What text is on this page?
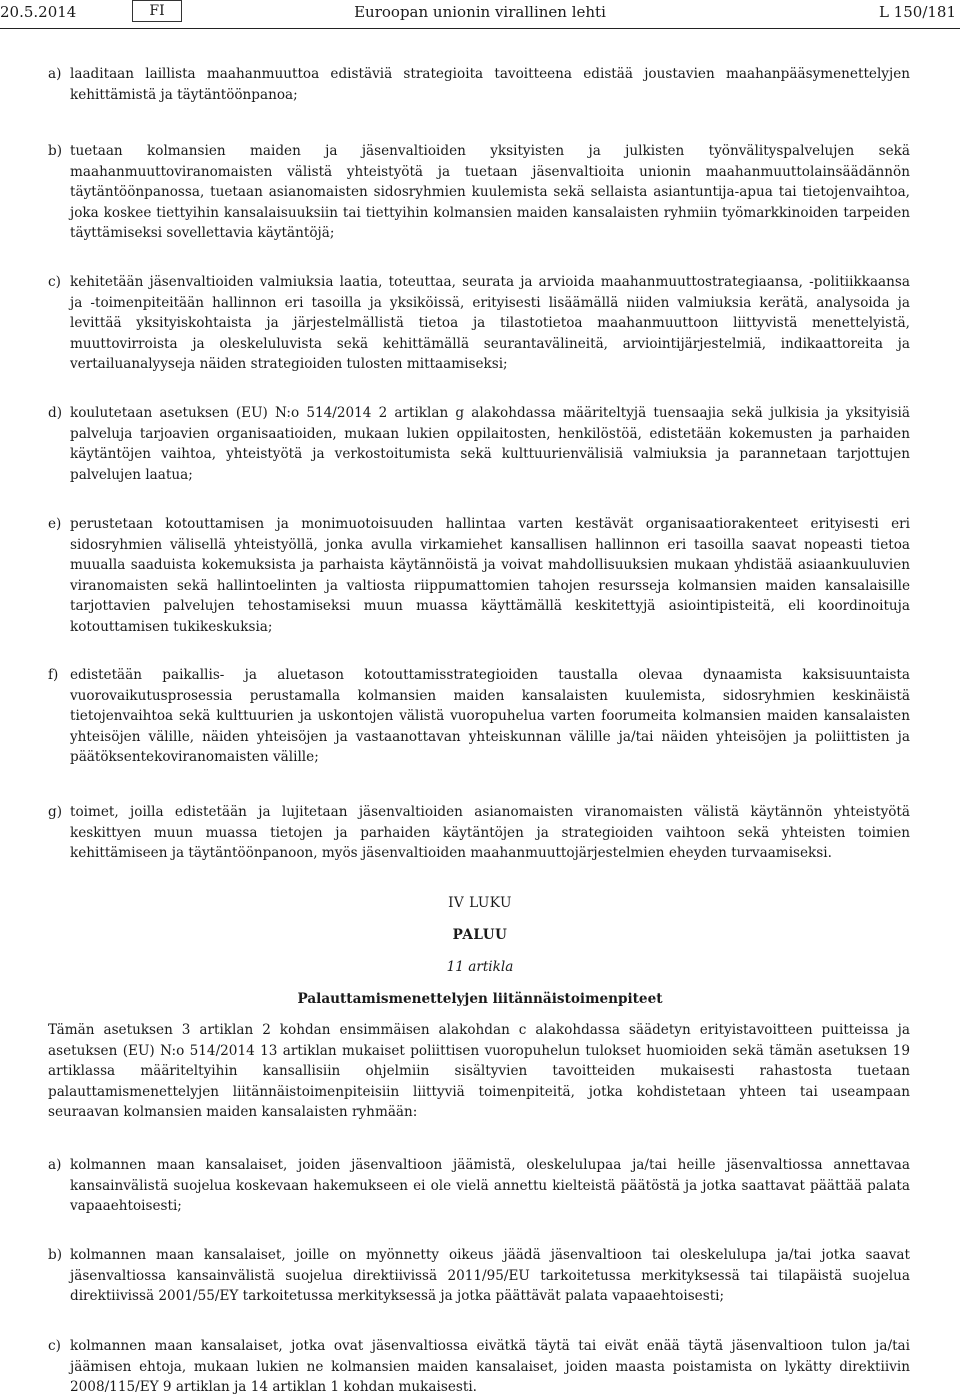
20.5.2014	FI	Euroopan unionin virallinen lehti	L 150/181
a) laaditaan laillista maahanmuuttoa edistäviä strategioita tavoitteena edistää joustavien maahanpääsymenettelyjen kehittämistä ja täytäntöönpanoa;
b) tuetaan kolmansien maiden ja jäsenvaltioiden yksityisten ja julkisten työnvälityspalvelujen sekä maahanmuuttoviranomaisten välistä yhteistyötä ja tuetaan jäsenvaltioita unionin maahanmuuttolainsäädännön täytäntöönpanossa, tuetaan asianomaisten sidosryhmien kuulemista sekä sellaista asiantuntija-apua tai tietojenvaihtoa, joka koskee tiettyihin kansalaisuuksiin tai tiettyihin kolmansien maiden kansalaisten ryhmiin työmarkkinoiden tarpeiden täyttämiseksi sovellettavia käytäntöjä;
c) kehitetään jäsenvaltioiden valmiuksia laatia, toteuttaa, seurata ja arvioida maahanmuuttostrategiaansa, -politiikkaansa ja -toimenpiteitään hallinnon eri tasoilla ja yksiköissä, erityisesti lisäämällä niiden valmiuksia kerätä, analysoida ja levittää yksityiskohtaista ja järjestelmällistä tietoa ja tilastotietoa maahanmuuttoon liittyvistä menettelyistä, muuttovirroista ja oleskeluluvista sekä kehittämällä seurantavälineitä, arviointijärjestelmiä, indikaattoreita ja vertailuanalyyseja näiden strategioiden tulosten mittaamiseksi;
d) koulutetaan asetuksen (EU) N:o 514/2014 2 artiklan g alakohdassa määriteltyjä tuensaajia sekä julkisia ja yksityisiä palveluja tarjoavien organisaatioiden, mukaan lukien oppilaitosten, henkilöstöä, edistetään kokemusten ja parhaiden käytäntöjen vaihtoa, yhteistyötä ja verkostoitumista sekä kulttuurienvälisiä valmiuksia ja parannetaan tarjottujen palvelujen laatua;
e) perustetaan kotouttamisen ja monimuotoisuuden hallintaa varten kestävät organisaatiorakenteet erityisesti eri sidosryhmien välisellä yhteistyöllä, jonka avulla virkamiehet kansallisen hallinnon eri tasoilla saavat nopeasti tietoa muualla saaduista kokemuksista ja parhaista käytännöistä ja voivat mahdollisuuksien mukaan yhdistää asiaankuuluvien viranomaisten sekä hallintoelinten ja valtiosta riippumattomien tahojen resursseja kolmansien maiden kansalaisille tarjottavien palvelujen tehostamiseksi muun muassa käyttämällä keskitettyjä asiointipisteitä, eli koordinoituja kotouttamisen tukikeskuksia;
f) edistetään paikallis- ja aluetason kotouttamisstrategioiden taustalla olevaa dynaamista kaksisuuntaista vuorovaikutusprosessia perustamalla kolmansien maiden kansalaisten kuulemista, sidosryhmien keskinäistä tietojenvaihtoa sekä kulttuurien ja uskontojen välistä vuoropuhelua varten foorumeita kolmansien maiden kansalaisten yhteisöjen välille, näiden yhteisöjen ja vastaanottavan yhteiskunnan välille ja/tai näiden yhteisöjen ja poliittisten ja päätöksentekoviranomaisten välille;
g) toimet, joilla edistetään ja lujitetaan jäsenvaltioiden asianomaisten viranomaisten välistä käytännön yhteistyötä keskittyen muun muassa tietojen ja parhaiden käytäntöjen ja strategioiden vaihtoon sekä yhteisten toimien kehittämiseen ja täytäntöönpanoon, myös jäsenvaltioiden maahanmuuttojärjestelmien eheyden turvaamiseksi.
IV LUKU
PALUU
11 artikla
Palauttamismenettelyjen liitännäistoimenpiteet
Tämän asetuksen 3 artiklan 2 kohdan ensimmäisen alakohdan c alakohdassa säädetyn erityistavoitteen puitteissa ja asetuksen (EU) N:o 514/2014 13 artiklan mukaiset poliittisen vuoropuhelun tulokset huomioiden sekä tämän asetuksen 19 artiklassa määriteltyihin kansallisiin ohjelmiin sisältyvien tavoitteiden mukaisesti rahastosta tuetaan palauttamismenettelyjen liitännäistoimenpiteisiin liittyviä toimenpiteitä, jotka kohdistetaan yhteen tai useampaan seuraavan kolmansien maiden kansalaisten ryhmään:
a) kolmannen maan kansalaiset, joiden jäsenvaltioon jäämistä, oleskelulupaa ja/tai heille jäsenvaltiossa annettavaa kansainvälistä suojelua koskevaan hakemukseen ei ole vielä annettu kielteistä päätöstä ja jotka saattavat päättää palata vapaaehtoisesti;
b) kolmannen maan kansalaiset, joille on myönnetty oikeus jäädä jäsenvaltioon tai oleskelulupa ja/tai jotka saavat jäsenvaltiossa kansainvälistä suojelua direktiivissä 2011/95/EU tarkoitetussa merkityksessä tai tilapäistä suojelua direktiivissä 2001/55/EY tarkoitetussa merkityksessä ja jotka päättävät palata vapaaehtoisesti;
c) kolmannen maan kansalaiset, jotka ovat jäsenvaltiossa eivätkä täytä tai eivät enää täytä jäsenvaltioon tulon ja/tai jäämisen ehtoja, mukaan lukien ne kolmansien maiden kansalaiset, joiden maasta poistamista on lykätty direktiivin 2008/115/EY 9 artiklan ja 14 artiklan 1 kohdan mukaisesti.
